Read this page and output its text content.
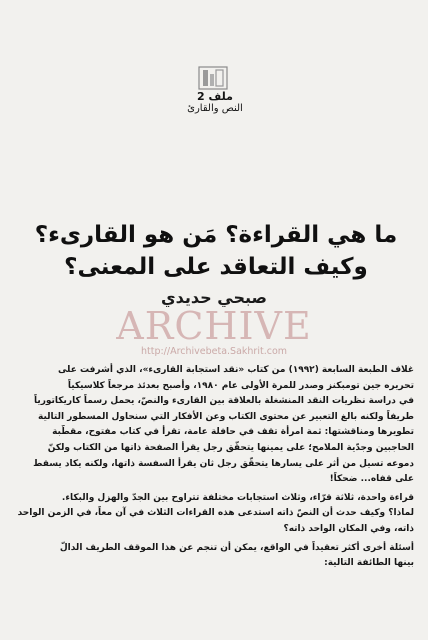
ملف 2
النص والقارئ
ما هي القراءة؟ مَن هو القارىء؟
وكيف التعاقد على المعنى؟
صبحي حديدي
ARCHIVE
http://Archivebeta.Sakhrit.com
غلاف الطبعة السابعة (١٩٩٢) من كتاب «نقد استجابة القارىء»، الذي أشرفت على
تحريره جين تومبكنز وصدر للمرة الأولى عام ١٩٨٠، وأصبح بعدئذ مرجعاً كلاسيكياً
في دراسة نظريات النقد المنشغلة بالعلاقة بين القارىء والنصّ، يحمل رسماً كاريكاتورياً
طريفاً ولكنه بالغ التعبير عن محتوى الكتاب وعن الأفكار التي سنحاول المسطور التالية
تطويرها ومناقشتها: ثمة امرأة تقف في حافلة عامة، تقرأ في كتاب مفتوح، مقطّبة
الحاجبين وجدّية الملامح؛ على يمينها يتحقّق رجل يقرأ الصفحة ذاتها من الكتاب ولكنّ
دموعه تسيل من أثر على يسارها يتحقّق رجل ثان يقرأ السفسة ذاتها، ولكنه يكاد يسقط
على قفاه... ضحكاً!
قراءة واحدة، ثلاثة قرّاء، وثلاث استجابات مختلفة تتراوح بين الجدّ والهزل والبكاء.
لماذا؟ وكيف حدث أن النصّ ذاته استدعى هذه القراءات الثلاث في آن معاً، في الزمن الواحد
ذاته، وفي المكان الواحد ذاته؟
أسئلة أخرى أكثر تعقيداً في الواقع، يمكن أن تنجم عن هذا الموقف الطريف الدالّ
بينها الطائفة التالية:
